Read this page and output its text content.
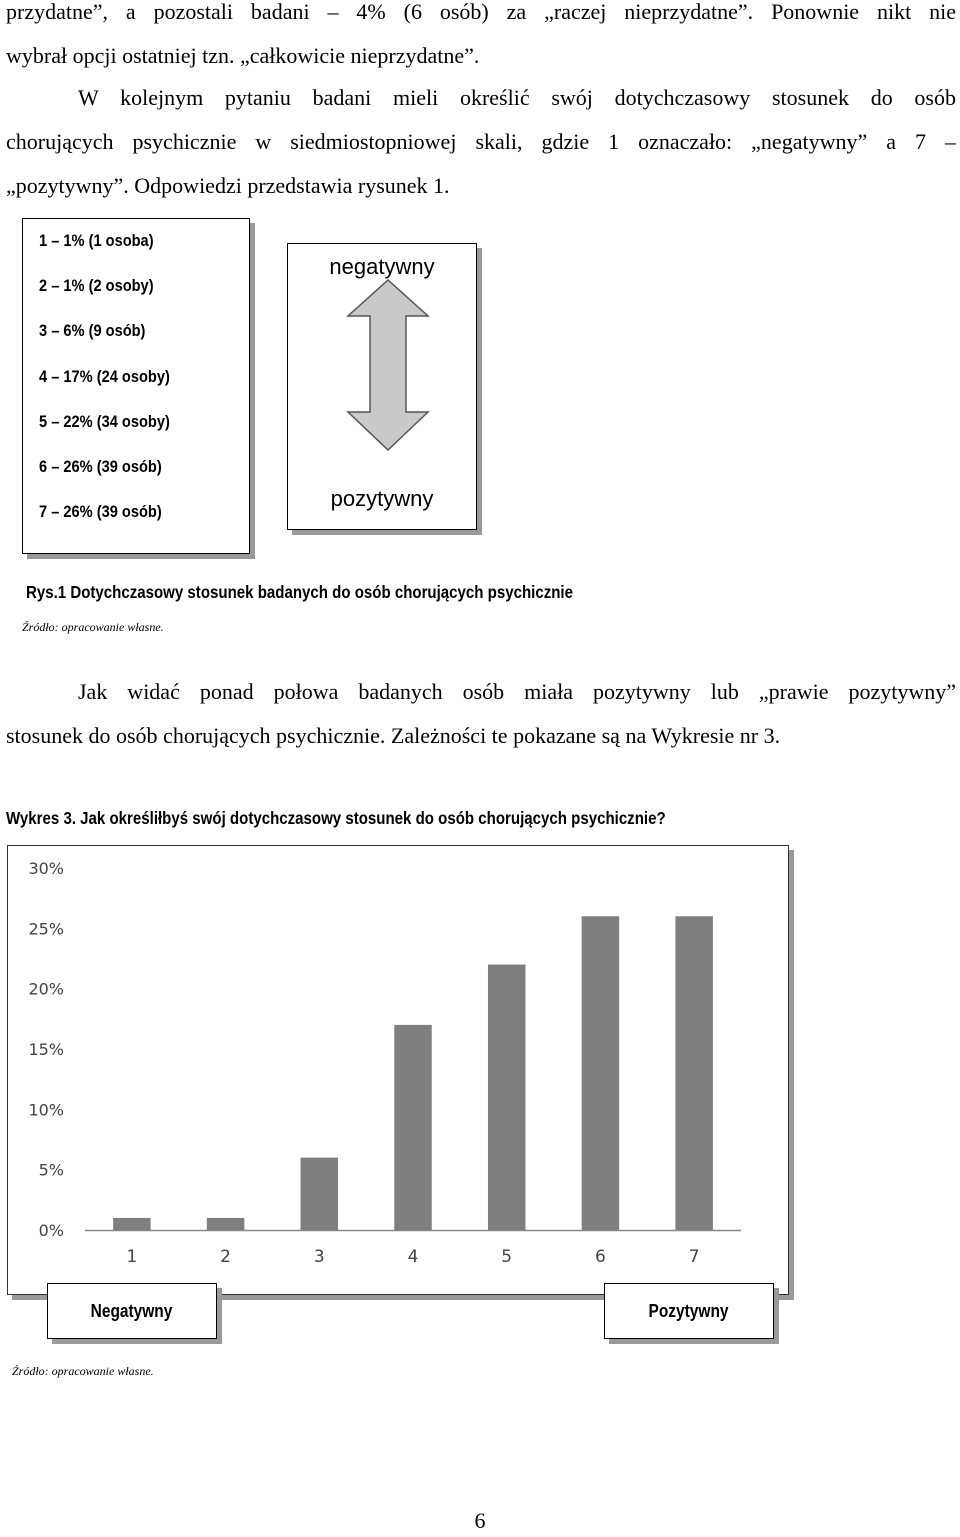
przydatne”, a pozostali badani – 4% (6 osób) za „raczej nieprzydatne”. Ponownie nikt nie
wybrał opcji ostatniej tzn. „całkowicie nieprzydatne”.
W kolejnym pytaniu badani mieli określić swój dotychczasowy stosunek do osób
chorujących psychicznie w siedmiostopniowej skali, gdzie 1 oznaczało: „negatywny” a 7 –
„pozytywny”. Odpowiedzi przedstawia rysunek 1.
1 – 1% (1 osoba)
2 – 1% (2 osoby)
3 – 6% (9 osób)
4 – 17% (24 osoby)
5 – 22% (34 osoby)
6 – 26% (39 osób)
7 – 26% (39 osób)
negatywny
pozytywny
Rys.1 Dotychczasowy stosunek badanych do osób chorujących psychicznie
Źródło: opracowanie własne.
Jak widać ponad połowa badanych osób miała pozytywny lub „prawie pozytywny”
stosunek do osób chorujących psychicznie. Zależności te pokazane są na Wykresie nr 3.
Wykres 3. Jak określiłbyś swój dotychczasowy stosunek do osób chorujących psychicznie?
0%
5%
10%
15%
20%
25%
30%
1	2	3	4	5	6	7
Negatywny	Pozytywny
Źródło: opracowanie własne.
6
